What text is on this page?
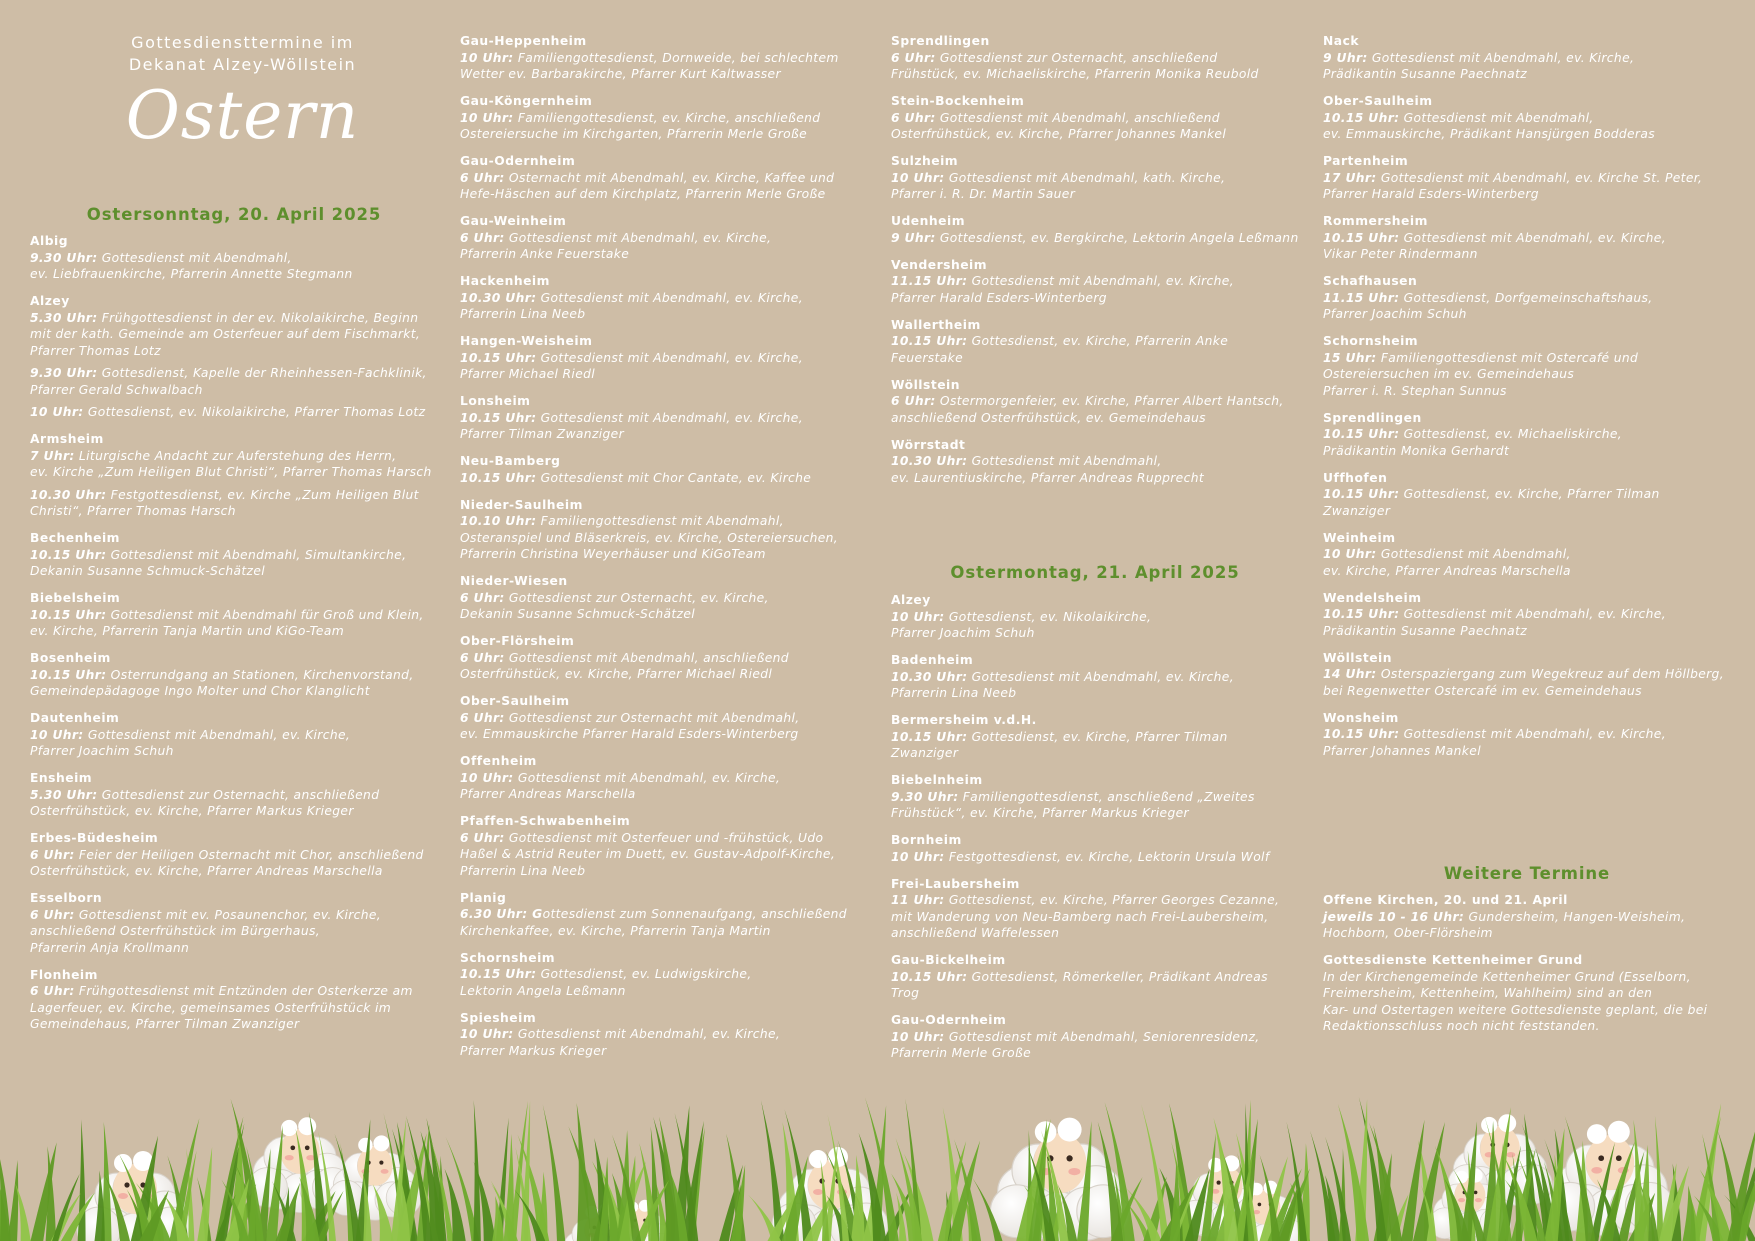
Gottesdiensttermine im
Dekanat Alzey-Wöllstein
Ostern
Ostersonntag, 20. April 2025
Albig
9.30 Uhr: Gottesdienst mit Abendmahl,
ev. Liebfrauenkirche, Pfarrerin Annette Stegmann
Alzey
5.30 Uhr: Frühgottesdienst in der ev. Nikolaikirche, Beginn
mit der kath. Gemeinde am Osterfeuer auf dem Fischmarkt,
Pfarrer Thomas Lotz
9.30 Uhr: Gottesdienst, Kapelle der Rheinhessen-Fachklinik,
Pfarrer Gerald Schwalbach
10 Uhr: Gottesdienst, ev. Nikolaikirche, Pfarrer Thomas Lotz
Armsheim
7 Uhr: Liturgische Andacht zur Auferstehung des Herrn,
ev. Kirche „Zum Heiligen Blut Christi“, Pfarrer Thomas Harsch
10.30 Uhr: Festgottesdienst, ev. Kirche „Zum Heiligen Blut
Christi“, Pfarrer Thomas Harsch
Bechenheim
10.15 Uhr: Gottesdienst mit Abendmahl, Simultankirche,
Dekanin Susanne Schmuck-Schätzel
Biebelsheim
10.15 Uhr: Gottesdienst mit Abendmahl für Groß und Klein,
ev. Kirche, Pfarrerin Tanja Martin und KiGo-Team
Bosenheim
10.15 Uhr: Osterrundgang an Stationen, Kirchenvorstand,
Gemeindepädagoge Ingo Molter und Chor Klanglicht
Dautenheim
10 Uhr: Gottesdienst mit Abendmahl, ev. Kirche,
Pfarrer Joachim Schuh
Ensheim
5.30 Uhr: Gottesdienst zur Osternacht, anschließend
Osterfrühstück, ev. Kirche, Pfarrer Markus Krieger
Erbes-Büdesheim
6 Uhr: Feier der Heiligen Osternacht mit Chor, anschließend
Osterfrühstück, ev. Kirche, Pfarrer Andreas Marschella
Esselborn
6 Uhr: Gottesdienst mit ev. Posaunenchor, ev. Kirche,
anschließend Osterfrühstück im Bürgerhaus,
Pfarrerin Anja Krollmann
Flonheim
6 Uhr: Frühgottesdienst mit Entzünden der Osterkerze am
Lagerfeuer, ev. Kirche, gemeinsames Osterfrühstück im
Gemeindehaus, Pfarrer Tilman Zwanziger
Gau-Heppenheim
10 Uhr: Familiengottesdienst, Dornweide, bei schlechtem
Wetter ev. Barbarakirche, Pfarrer Kurt Kaltwasser
Gau-Köngernheim
10 Uhr: Familiengottesdienst, ev. Kirche, anschließend
Ostereiersuche im Kirchgarten, Pfarrerin Merle Große
Gau-Odernheim
6 Uhr: Osternacht mit Abendmahl, ev. Kirche, Kaffee und
Hefe-Häschen auf dem Kirchplatz, Pfarrerin Merle Große
Gau-Weinheim
6 Uhr: Gottesdienst mit Abendmahl, ev. Kirche,
Pfarrerin Anke Feuerstake
Hackenheim
10.30 Uhr: Gottesdienst mit Abendmahl, ev. Kirche,
Pfarrerin Lina Neeb
Hangen-Weisheim
10.15 Uhr: Gottesdienst mit Abendmahl, ev. Kirche,
Pfarrer Michael Riedl
Lonsheim
10.15 Uhr: Gottesdienst mit Abendmahl, ev. Kirche,
Pfarrer Tilman Zwanziger
Neu-Bamberg
10.15 Uhr: Gottesdienst mit Chor Cantate, ev. Kirche
Nieder-Saulheim
10.10 Uhr: Familiengottesdienst mit Abendmahl,
Osteranspiel und Bläserkreis, ev. Kirche, Ostereiersuchen,
Pfarrerin Christina Weyerhäuser und KiGoTeam
Nieder-Wiesen
6 Uhr: Gottesdienst zur Osternacht, ev. Kirche,
Dekanin Susanne Schmuck-Schätzel
Ober-Flörsheim
6 Uhr: Gottesdienst mit Abendmahl, anschließend
Osterfrühstück, ev. Kirche, Pfarrer Michael Riedl
Ober-Saulheim
6 Uhr: Gottesdienst zur Osternacht mit Abendmahl,
ev. Emmauskirche Pfarrer Harald Esders-Winterberg
Offenheim
10 Uhr: Gottesdienst mit Abendmahl, ev. Kirche,
Pfarrer Andreas Marschella
Pfaffen-Schwabenheim
6 Uhr: Gottesdienst mit Osterfeuer und -frühstück, Udo
Haßel & Astrid Reuter im Duett, ev. Gustav-Adpolf-Kirche,
Pfarrerin Lina Neeb
Planig
6.30 Uhr: Gottesdienst zum Sonnenaufgang, anschließend
Kirchenkaffee, ev. Kirche, Pfarrerin Tanja Martin
Schornsheim
10.15 Uhr: Gottesdienst, ev. Ludwigskirche,
Lektorin Angela Leßmann
Spiesheim
10 Uhr: Gottesdienst mit Abendmahl, ev. Kirche,
Pfarrer Markus Krieger
Sprendlingen
6 Uhr: Gottesdienst zur Osternacht, anschließend
Frühstück, ev. Michaeliskirche, Pfarrerin Monika Reubold
Stein-Bockenheim
6 Uhr: Gottesdienst mit Abendmahl, anschließend
Osterfrühstück, ev. Kirche, Pfarrer Johannes Mankel
Sulzheim
10 Uhr: Gottesdienst mit Abendmahl, kath. Kirche,
Pfarrer i. R. Dr. Martin Sauer
Udenheim
9 Uhr: Gottesdienst, ev. Bergkirche, Lektorin Angela Leßmann
Vendersheim
11.15 Uhr: Gottesdienst mit Abendmahl, ev. Kirche,
Pfarrer Harald Esders-Winterberg
Wallertheim
10.15 Uhr: Gottesdienst, ev. Kirche, Pfarrerin Anke Feuerstake
Wöllstein
6 Uhr: Ostermorgenfeier, ev. Kirche, Pfarrer Albert Hantsch,
anschließend Osterfrühstück, ev. Gemeindehaus
Wörrstadt
10.30 Uhr: Gottesdienst mit Abendmahl,
ev. Laurentiuskirche, Pfarrer Andreas Rupprecht
Ostermontag, 21. April 2025
Alzey
10 Uhr: Gottesdienst, ev. Nikolaikirche,
Pfarrer Joachim Schuh
Badenheim
10.30 Uhr: Gottesdienst mit Abendmahl, ev. Kirche,
Pfarrerin Lina Neeb
Bermersheim v.d.H.
10.15 Uhr: Gottesdienst, ev. Kirche, Pfarrer Tilman Zwanziger
Biebelnheim
9.30 Uhr: Familiengottesdienst, anschließend „Zweites
Frühstück“, ev. Kirche, Pfarrer Markus Krieger
Bornheim
10 Uhr: Festgottesdienst, ev. Kirche, Lektorin Ursula Wolf
Frei-Laubersheim
11 Uhr: Gottesdienst, ev. Kirche, Pfarrer Georges Cezanne,
mit Wanderung von Neu-Bamberg nach Frei-Laubersheim,
anschließend Waffelessen
Gau-Bickelheim
10.15 Uhr: Gottesdienst, Römerkeller, Prädikant Andreas Trog
Gau-Odernheim
10 Uhr: Gottesdienst mit Abendmahl, Seniorenresidenz,
Pfarrerin Merle Große
Nack
9 Uhr: Gottesdienst mit Abendmahl, ev. Kirche,
Prädikantin Susanne Paechnatz
Ober-Saulheim
10.15 Uhr: Gottesdienst mit Abendmahl,
ev. Emmauskirche, Prädikant Hansjürgen Bodderas
Partenheim
17 Uhr: Gottesdienst mit Abendmahl, ev. Kirche St. Peter,
Pfarrer Harald Esders-Winterberg
Rommersheim
10.15 Uhr: Gottesdienst mit Abendmahl, ev. Kirche,
Vikar Peter Rindermann
Schafhausen
11.15 Uhr: Gottesdienst, Dorfgemeinschaftshaus,
Pfarrer Joachim Schuh
Schornsheim
15 Uhr: Familiengottesdienst mit Ostercafé und
Ostereiersuchen im ev. Gemeindehaus
Pfarrer i. R. Stephan Sunnus
Sprendlingen
10.15 Uhr: Gottesdienst, ev. Michaeliskirche,
Prädikantin Monika Gerhardt
Uffhofen
10.15 Uhr: Gottesdienst, ev. Kirche, Pfarrer Tilman Zwanziger
Weinheim
10 Uhr: Gottesdienst mit Abendmahl,
ev. Kirche, Pfarrer Andreas Marschella
Wendelsheim
10.15 Uhr: Gottesdienst mit Abendmahl, ev. Kirche,
Prädikantin Susanne Paechnatz
Wöllstein
14 Uhr: Osterspaziergang zum Wegekreuz auf dem Höllberg,
bei Regenwetter Ostercafé im ev. Gemeindehaus
Wonsheim
10.15 Uhr: Gottesdienst mit Abendmahl, ev. Kirche,
Pfarrer Johannes Mankel
Weitere Termine
Offene Kirchen, 20. und 21. April
jeweils 10 - 16 Uhr: Gundersheim, Hangen-Weisheim,
Hochborn, Ober-Flörsheim
Gottesdienste Kettenheimer Grund
In der Kirchengemeinde Kettenheimer Grund (Esselborn,
Freimersheim, Kettenheim, Wahlheim) sind an den
Kar- und Ostertagen weitere Gottesdienste geplant, die bei
Redaktionsschluss noch nicht feststanden.
